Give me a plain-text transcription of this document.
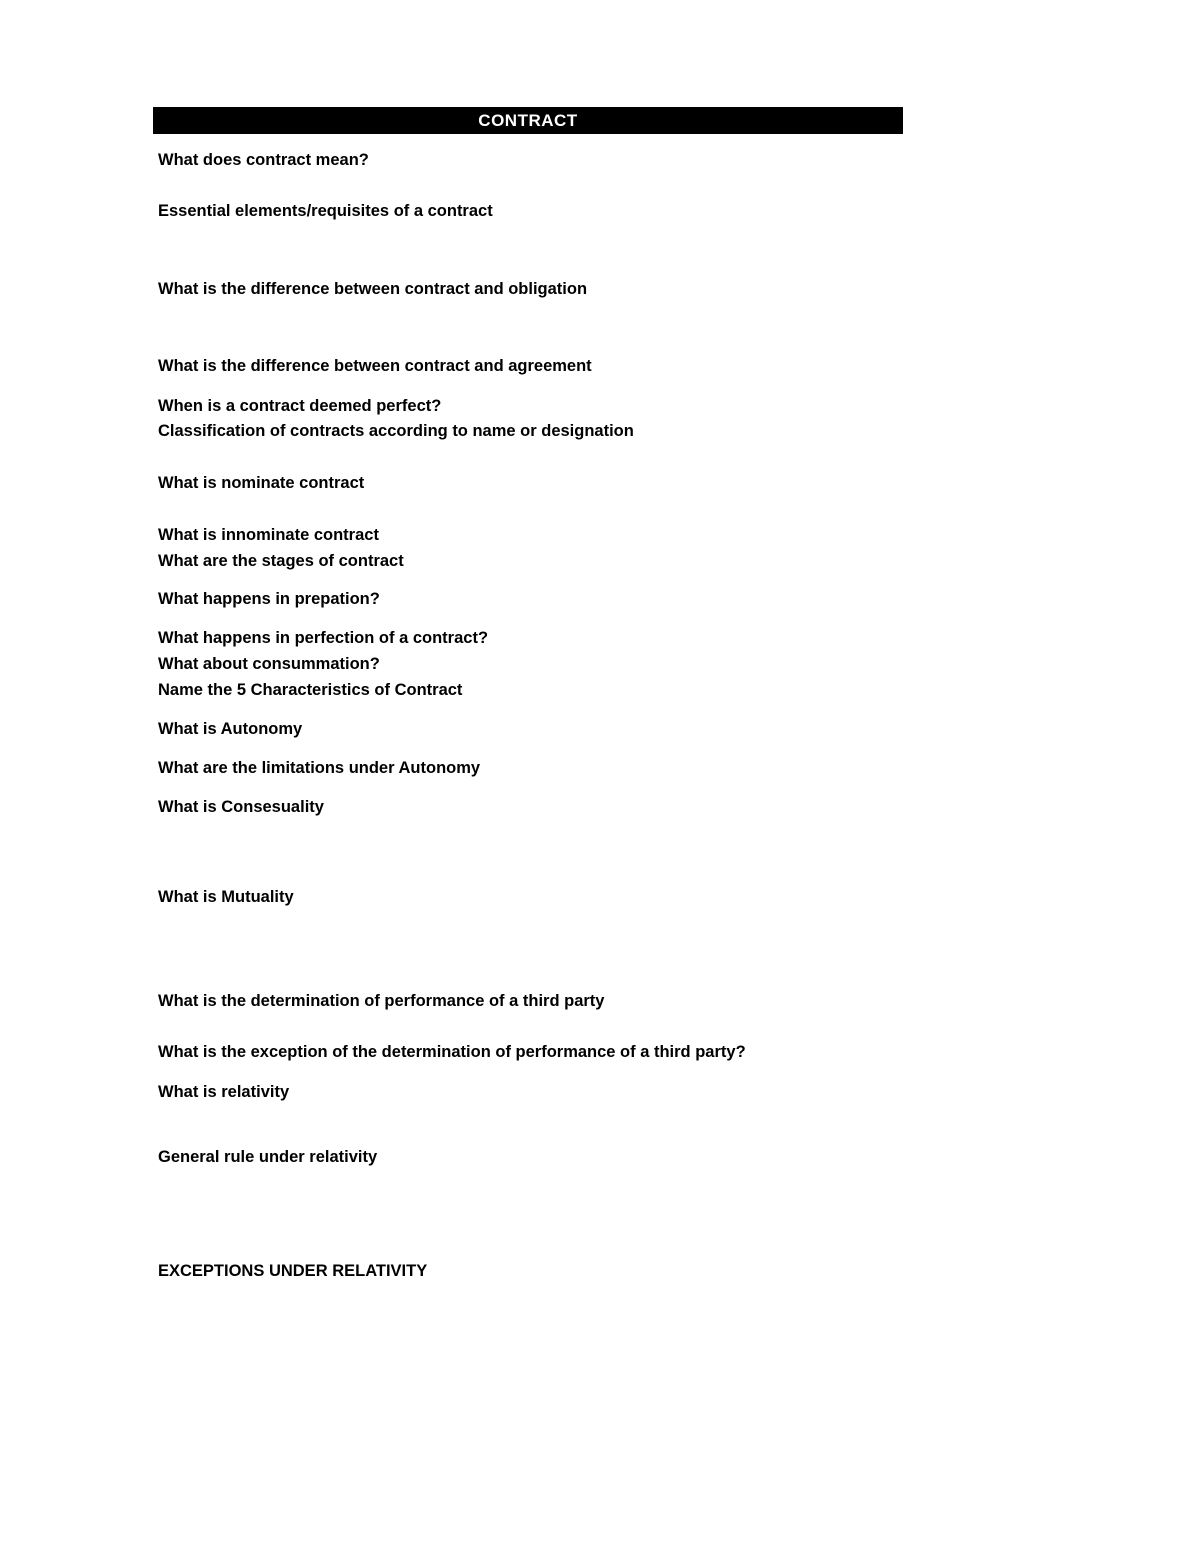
CONTRACT
What does contract mean?
Essential elements/requisites of a contract
What is the difference between contract and obligation
What is the difference between contract and agreement
When is a contract deemed perfect?
Classification of contracts according to name or designation
What is nominate contract
What is innominate contract
What are the stages of contract
What happens in prepation?
What happens in perfection of a contract?
What about consummation?
Name the 5 Characteristics of Contract
What is Autonomy
What are the limitations under Autonomy
What is Consesuality
What is Mutuality
What is the determination of performance of a third party
What is the exception of the determination of performance of a third party?
What is relativity
General rule under relativity
EXCEPTIONS UNDER RELATIVITY
